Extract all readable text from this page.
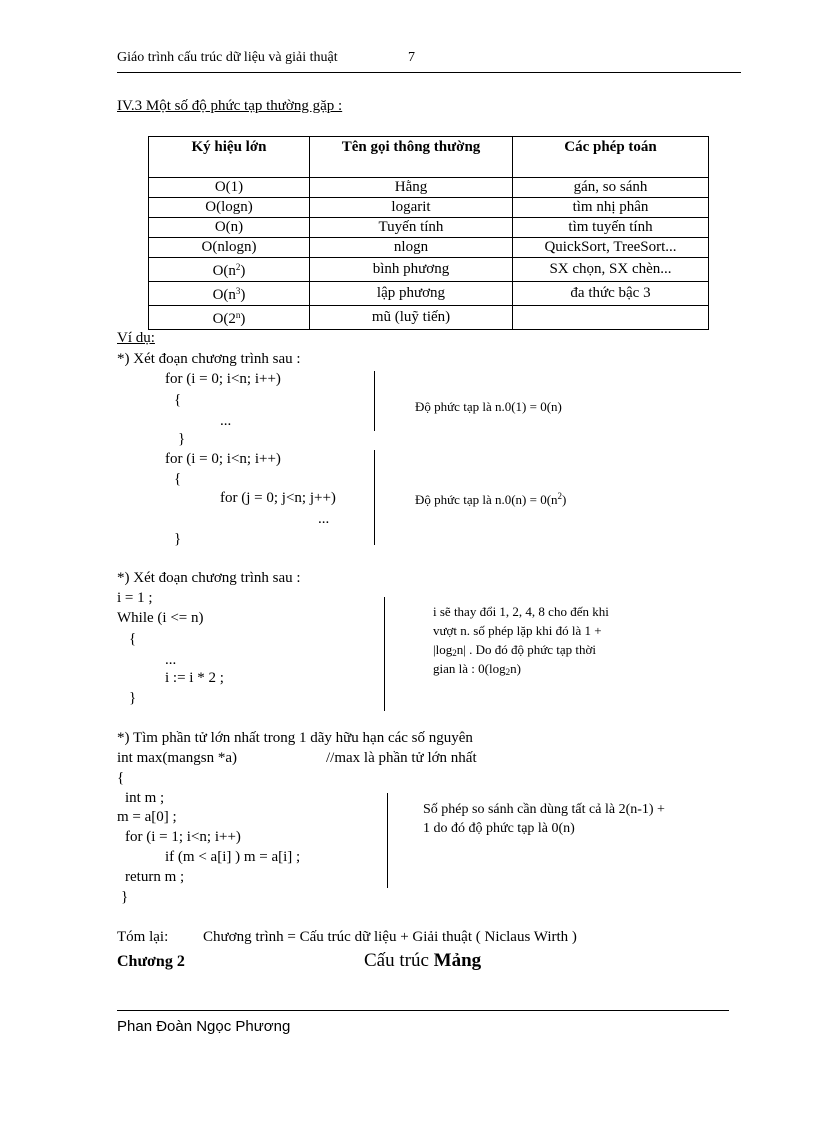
Giáo trình cấu trúc dữ liệu và giải thuật	7
IV.3 Một số độ phức tạp thường gặp :
Ký hiệu lớn	Tên gọi thông thường	Các phép toán
O(1)	Hằng	gán, so sánh
O(logn)	logarit	tìm nhị phân
O(n)	Tuyến tính	tìm tuyến tính
O(nlogn)	nlogn	QuickSort, TreeSort...
$O(n^2)$	bình phương	SX chọn, SX chèn...
$O(n^3)$	lập phương	đa thức bậc 3
O(2$^n$)	mũ (luỹ tiến)	
Ví dụ:
*) Xét đoạn chương trình sau :
for (i = 0; i<n; i++)
{
...
}
Độ phức tạp là n.0(1) = 0(n)
for (i = 0; i<n; i++)
{
for (j = 0; j<n; j++)
...
}
Độ phức tạp là $n.0(n) = 0(n^2)$
*) Xét đoạn chương trình sau :
i = 1 ;
While (i <= n)
{
...
i := i * 2 ;
}
i sẽ thay đổi 1, 2, 4, 8 cho đến khi
vượt n. số phép lặp khi đó là 1 +
$|\log_2n|$ . Do đó độ phức tạp thời
gian là : $0(\log_2n)$
*) Tìm phần tử lớn nhất trong 1 dãy hữu hạn các số nguyên
int max(mangsn *a)	//max là phần tử lớn nhất
{
int m ;
m = a[0] ;
for (i = 1; i<n; i++)
if (m < a[i] ) m = a[i] ;
return m ;
}
Số phép so sánh cần dùng tất cả là 2(n-1) +
1 do đó độ phức tạp là 0(n)
Tóm lại: Chương trình = Cấu trúc dữ liệu + Giải thuật ( Niclaus Wirth )
Chương 2	Cấu trúc Mảng
Phan Đoàn Ngọc Phương
